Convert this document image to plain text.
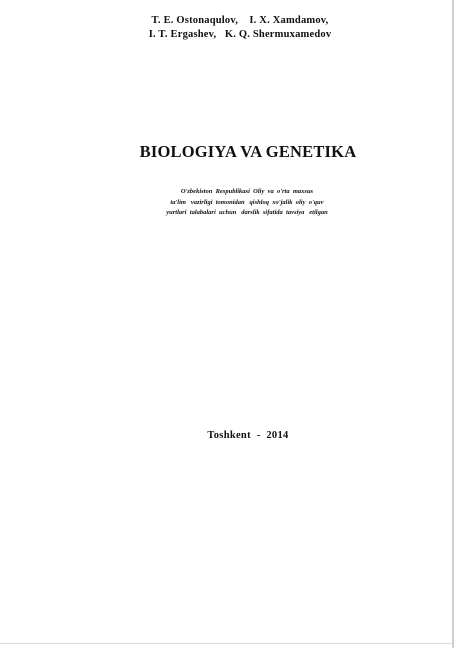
T. E. Ostonaqulov,    I. X. Xamdamov,
I. T. Ergashev,   K. Q. Shermuxamedov
BIOLOGIYA VA GENETIKA
O'zbekiston  Respublikasi  Oliy  va  o'rta  maxsus
ta'lim   vazirligi  tomonidan   qishloq  xo'jalik  oliy  o'quv
yurtlari  talabalari  uchun   darslik  sifatida  tavsiya   etilgan
Toshkent  -  2014
